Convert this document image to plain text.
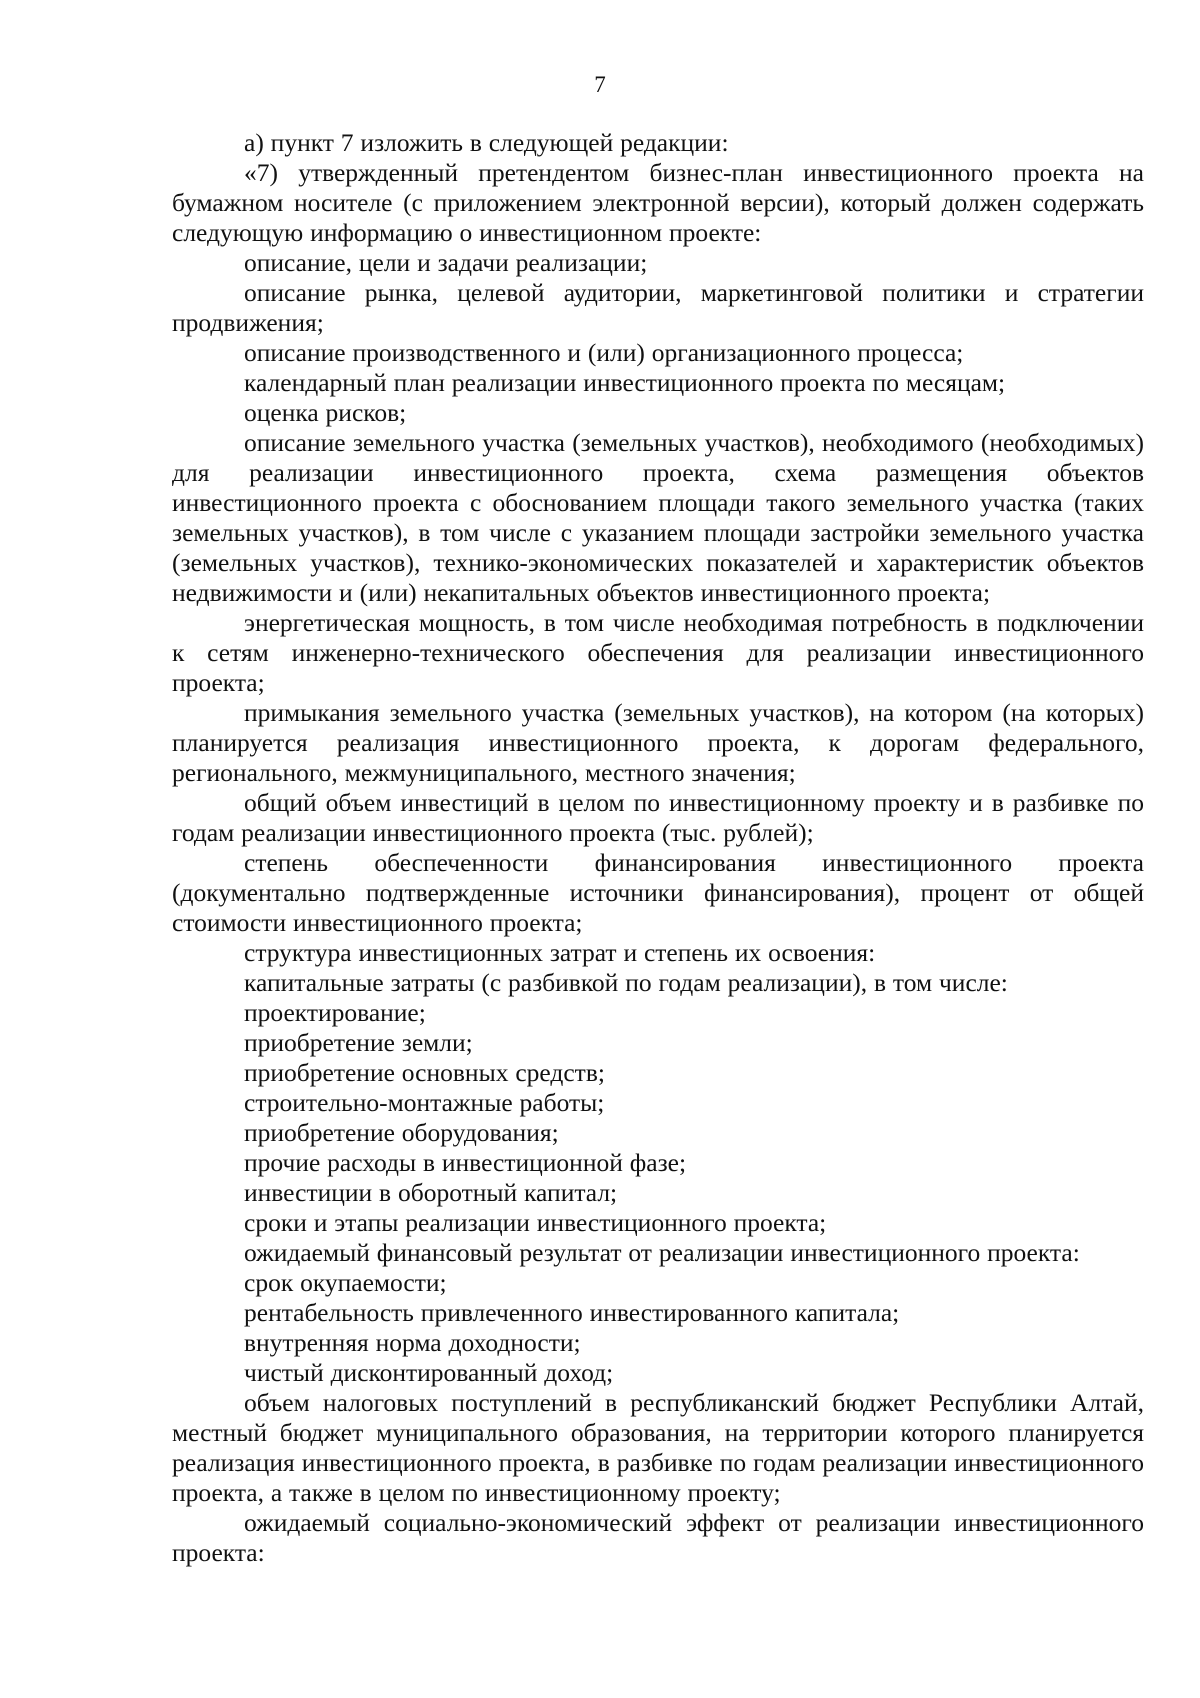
7

а) пункт 7 изложить в следующей редакции:

«7) утвержденный претендентом бизнес-план инвестиционного проекта на бумажном носителе (с приложением электронной версии), который должен содержать следующую информацию о инвестиционном проекте:

описание, цели и задачи реализации;

описание рынка, целевой аудитории, маркетинговой политики и стратегии продвижения;

описание производственного и (или) организационного процесса;

календарный план реализации инвестиционного проекта по месяцам;

оценка рисков;

описание земельного участка (земельных участков), необходимого (необходимых) для реализации инвестиционного проекта, схема размещения объектов инвестиционного проекта с обоснованием площади такого земельного участка (таких земельных участков), в том числе с указанием площади застройки земельного участка (земельных участков), технико-экономических показателей и характеристик объектов недвижимости и (или) некапитальных объектов инвестиционного проекта;

энергетическая мощность, в том числе необходимая потребность в подключении к сетям инженерно-технического обеспечения для реализации инвестиционного проекта;

примыкания земельного участка (земельных участков), на котором (на которых) планируется реализация инвестиционного проекта, к дорогам федерального, регионального, межмуниципального, местного значения;

общий объем инвестиций в целом по инвестиционному проекту и в разбивке по годам реализации инвестиционного проекта (тыс. рублей);

степень обеспеченности финансирования инвестиционного проекта (документально подтвержденные источники финансирования), процент от общей стоимости инвестиционного проекта;

структура инвестиционных затрат и степень их освоения:

капитальные затраты (с разбивкой по годам реализации), в том числе:

проектирование;

приобретение земли;

приобретение основных средств;

строительно-монтажные работы;

приобретение оборудования;

прочие расходы в инвестиционной фазе;

инвестиции в оборотный капитал;

сроки и этапы реализации инвестиционного проекта;

ожидаемый финансовый результат от реализации инвестиционного проекта:

срок окупаемости;

рентабельность привлеченного инвестированного капитала;

внутренняя норма доходности;

чистый дисконтированный доход;

объем налоговых поступлений в республиканский бюджет Республики Алтай, местный бюджет муниципального образования, на территории которого планируется реализация инвестиционного проекта, в разбивке по годам реализации инвестиционного проекта, а также в целом по инвестиционному проекту;

ожидаемый социально-экономический эффект от реализации инвестиционного проекта:
